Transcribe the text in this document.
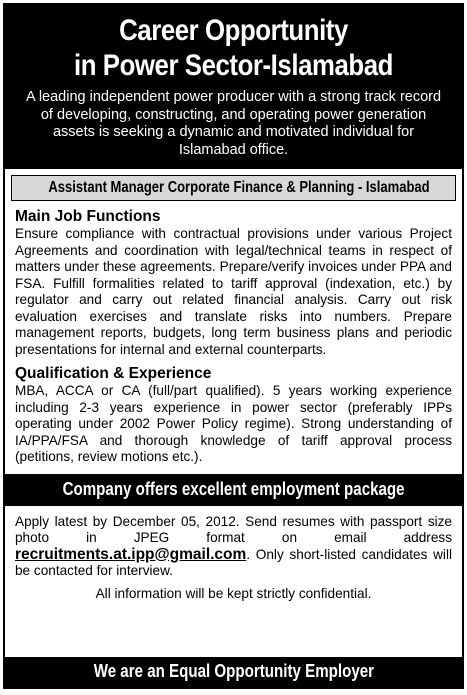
Career Opportunity
in Power Sector-Islamabad
A leading independent power producer with a strong track record of developing, constructing, and operating power generation assets is seeking a dynamic and motivated individual for Islamabad office.
Assistant Manager Corporate Finance & Planning - Islamabad
Main Job Functions
Ensure compliance with contractual provisions under various Project Agreements and coordination with legal/technical teams in respect of matters under these agreements. Prepare/verify invoices under PPA and FSA. Fulfill formalities related to tariff approval (indexation, etc.) by regulator and carry out related financial analysis. Carry out risk evaluation exercises and translate risks into numbers. Prepare management reports, budgets, long term business plans and periodic presentations for internal and external counterparts.
Qualification & Experience
MBA, ACCA or CA (full/part qualified). 5 years working experience including 2-3 years experience in power sector (preferably IPPs operating under 2002 Power Policy regime). Strong understanding of IA/PPA/FSA and thorough knowledge of tariff approval process (petitions, review motions etc.).
Company offers excellent employment package
Apply latest by December 05, 2012. Send resumes with passport size photo in JPEG format on email address recruitments.at.ipp@gmail.com. Only short-listed candidates will be contacted for interview.
All information will be kept strictly confidential.
We are an Equal Opportunity Employer
